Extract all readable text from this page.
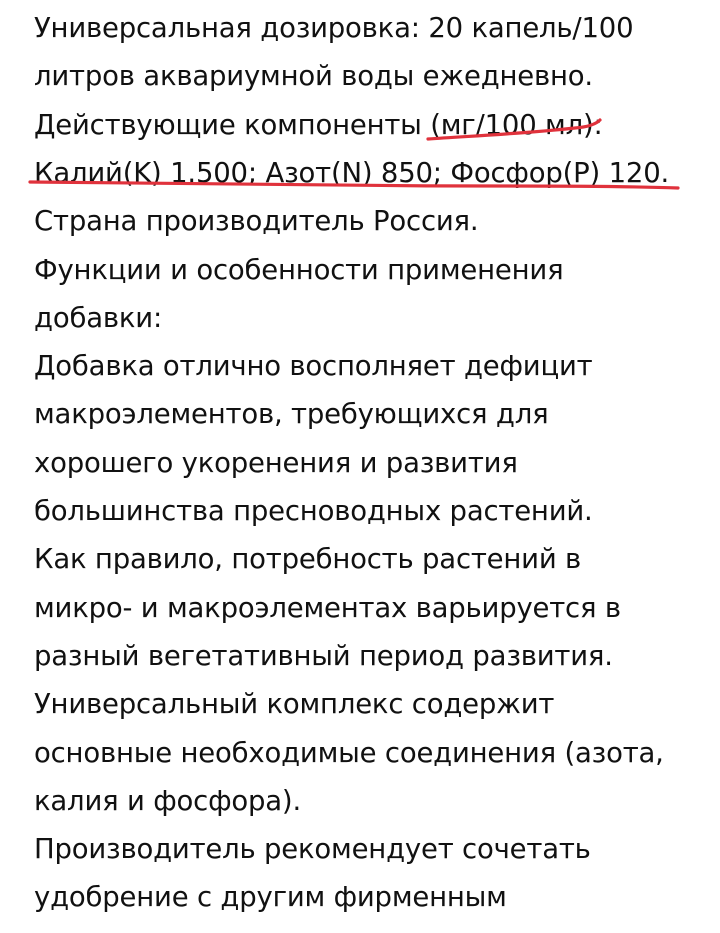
Универсальная дозировка: 20 капель/100
литров аквариумной воды ежедневно.
Действующие компоненты (мг/100 мл):
Калий(K) 1.500; Азот(N) 850; Фосфор(P) 120.
Страна производитель Россия.
Функции и особенности применения
добавки:
Добавка отлично восполняет дефицит
макроэлементов, требующихся для
хорошего укоренения и развития
большинства пресноводных растений.
Как правило, потребность растений в
микро- и макроэлементах варьируется в
разный вегетативный период развития.
Универсальный комплекс содержит
основные необходимые соединения (азота,
калия и фосфора).
Производитель рекомендует сочетать
удобрение с другим фирменным
